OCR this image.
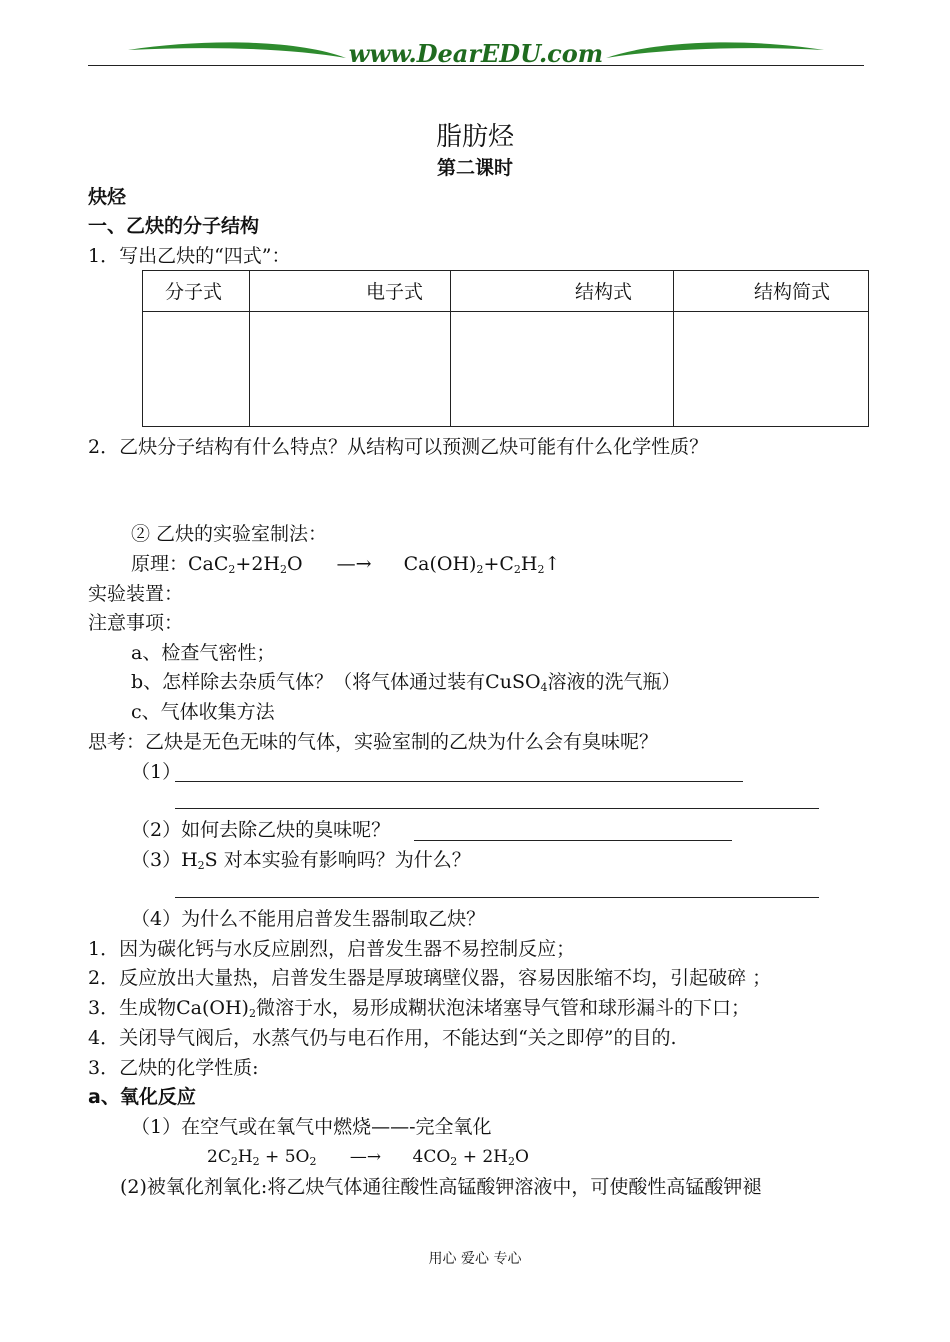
www.DearEDU.com
脂肪烃
第二课时
炔烃
一、乙炔的分子结构
1．写出乙炔的“四式”：
分子式	电子式	结构式	结构简式

2．乙炔分子结构有什么特点？从结构可以预测乙炔可能有什么化学性质？
② 乙炔的实验室制法：
原理：$CaC_2+2H_2O$ —→ $Ca(OH)_2+C_2H_2↑$
实验装置：
注意事项：
a、检查气密性；
b、怎样除去杂质气体？（将气体通过装有CuSO$_4$溶液的洗气瓶）
c、气体收集方法
思考：乙炔是无色无味的气体，实验室制的乙炔为什么会有臭味呢？
（1）
（2）如何去除乙炔的臭味呢？
$(3)H_2S$ 对本实验有影响吗？为什么？
（4）为什么不能用启普发生器制取乙炔？
1．因为碳化钙与水反应剧烈，启普发生器不易控制反应；
2．反应放出大量热，启普发生器是厚玻璃壁仪器，容易因胀缩不均，引起破碎 ；
3．生成物$Ca(OH)_2$微溶于水，易形成糊状泡沫堵塞导气管和球形漏斗的下口；
4．关闭导气阀后，水蒸气仍与电石作用，不能达到“关之即停”的目的.
3．乙炔的化学性质:
a、氧化反应
（1）在空气或在氧气中燃烧——-完全氧化
$2C_2H_2 + 5O_2$ —→ $4CO_2 + 2H_2O$
(2)被氧化剂氧化:将乙炔气体通往酸性高锰酸钾溶液中，可使酸性高锰酸钾褪
用心 爱心 专心
